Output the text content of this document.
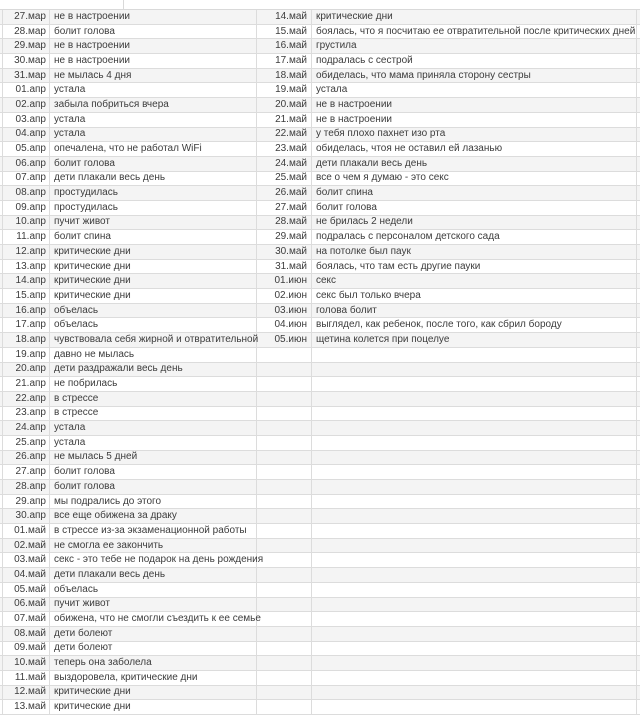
27.мар не в настроении	14.май критические дни
28.мар болит голова	15.май боялась, что я посчитаю ее отвратительной после критических дней
29.мар не в настроении	16.май грустила
30.мар не в настроении	17.май подралась с сестрой
31.мар не мылась 4 дня	18.май обиделась, что мама приняла сторону сестры
01.апр устала	19.май устала
02.апр забыла побриться вчера	20.май не в настроении
03.апр устала	21.май не в настроении
04.апр устала	22.май у тебя плохо пахнет изо рта
05.апр опечалена, что не работал WiFi	23.май обиделась, чтоя не оставил ей лазанью
06.апр болит голова	24.май дети плакали весь день
07.апр дети плакали весь день	25.май все о чем я думаю - это секс
08.апр простудилась	26.май болит спина
09.апр простудилась	27.май болит голова
10.апр пучит живот	28.май не брилась 2 недели
11.апр болит спина	29.май подралась с персоналом детского сада
12.апр критические дни	30.май на потолке был паук
13.апр критические дни	31.май боялась, что там есть другие пауки
14.апр критические дни	01.июн секс
15.апр критические дни	02.июн секс был только вчера
16.апр объелась	03.июн голова болит
17.апр объелась	04.июн выглядел, как ребенок, после того, как сбрил бороду
18.апр чувствовала себя жирной и отвратительной 05.июн щетина колется при поцелуе
19.апр давно не мылась
20.апр дети раздражали весь день
21.апр не побрилась
22.апр в стрессе
23.апр в стрессе
24.апр устала
25.апр устала
26.апр не мылась 5 дней
27.апр болит голова
28.апр болит голова
29.апр мы подрались до этого
30.апр все еще обижена за драку
01.май в стрессе из-за экзаменационной работы
02.май не смогла ее закончить
03.май секс - это тебе не подарок на день рождения
04.май дети плакали весь день
05.май объелась
06.май пучит живот
07.май обижена, что не смогли съездить к ее семье
08.май дети болеют
09.май дети болеют
10.май теперь она заболела
11.май выздоровела, критические дни
12.май критические дни
13.май критические дни
